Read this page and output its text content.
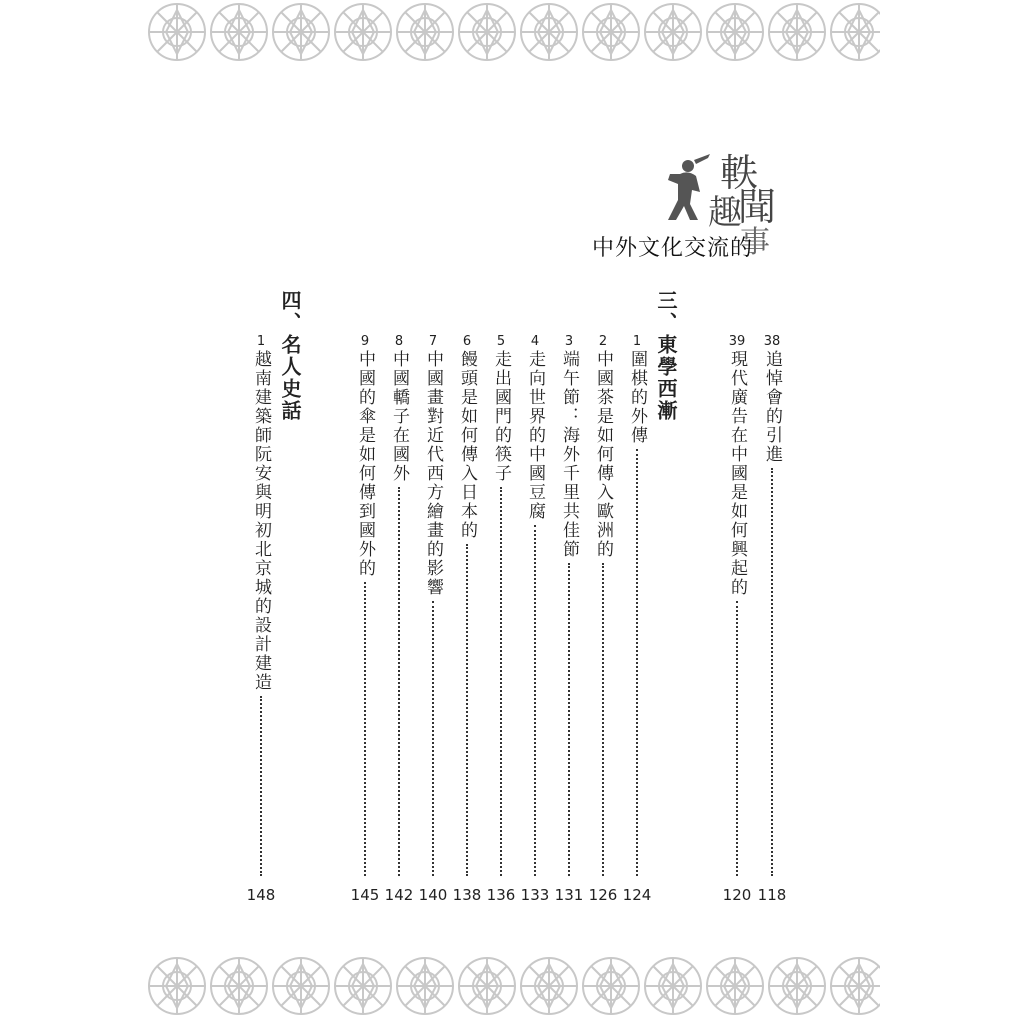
軼
聞
趣
事
中外文化交流的
三、東學西漸
四、名人史話	38
追悼會的引進
118
39
現代廣告在中國是如何興起的
120
1
圍棋的外傳
124
2
中國茶是如何傳入歐洲的
126
3
端午節：海外千里共佳節
131
4
走向世界的中國豆腐
133
5
走出國門的筷子
136
6
饅頭是如何傳入日本的
138
7
中國畫對近代西方繪畫的影響
140
8
中國轎子在國外
142
9
中國的傘是如何傳到國外的
145
1
越南建築師阮安與明初北京城的設計建造
148
